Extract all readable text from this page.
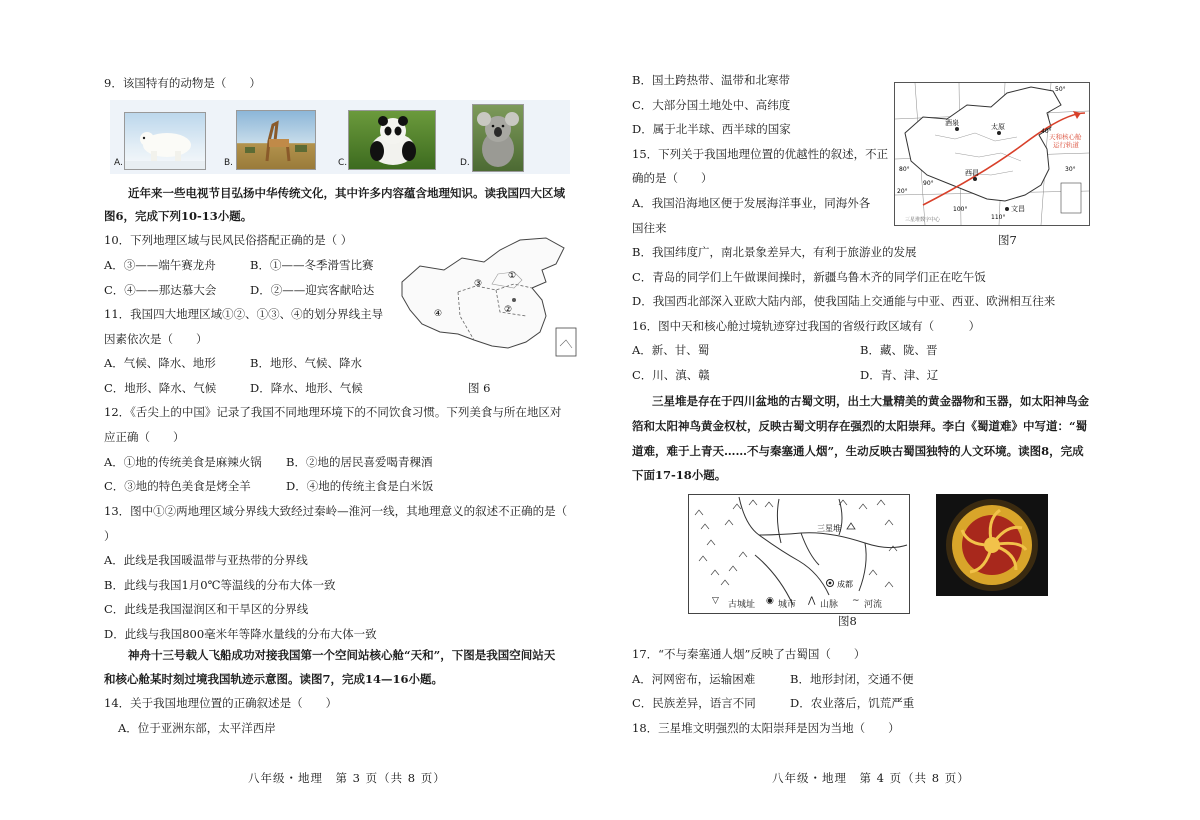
9．该国特有的动物是（　　）
A.	B.	C.	D.
近年来一些电视节目弘扬中华传统文化，其中许多内容蕴含地理知识。读我国四大区域
图6，完成下列10-13小题。
10．下列地理区域与民风民俗搭配正确的是（ ）
A．③——端午赛龙舟	B．①——冬季滑雪比赛
C．④——那达慕大会	D．②——迎宾客献哈达
11．我国四大地理区域①②、①③、④的划分界线主导
因素依次是（　　）
A．气候、降水、地形	B．地形、气候、降水
C．地形、降水、气候	D．降水、地形、气候
①
②
③
④
图 6
12．《舌尖上的中国》记录了我国不同地理环境下的不同饮食习惯。下列美食与所在地区对
应正确（　　）
A．①地的传统美食是麻辣火锅 B．②地的居民喜爱喝青稞酒
C．③地的特色美食是烤全羊	D．④地的传统主食是白米饭
13．图中①②两地理区域分界线大致经过秦岭—淮河一线，其地理意义的叙述不正确的是（
）
A．此线是我国暖温带与亚热带的分界线
B．此线与我国1月0℃等温线的分布大体一致
C．此线是我国湿润区和干旱区的分界线
D．此线与我国800毫米年等降水量线的分布大体一致
神舟十三号载人飞船成功对接我国第一个空间站核心舱“天和”，下图是我国空间站天
和核心舱某时刻过境我国轨迹示意图。读图7，完成14—16小题。
14．关于我国地理位置的正确叙述是（　　）
A．位于亚洲东部，太平洋西岸
八年级・地理　第 3 页（共 8 页）
B．国土跨热带、温带和北寒带
C．大部分国土地处中、高纬度
D．属于北半球、西半球的国家
15．下列关于我国地理位置的优越性的叙述，不正
确的是（　　）
A．我国沿海地区便于发展海洋事业，同海外各
国往来
B．我国纬度广，南北景象差异大，有利于旅游业的发展
C．青岛的同学们上午做课间操时，新疆乌鲁木齐的同学们正在吃午饭
D．我国西北部深入亚欧大陆内部，使我国陆上交通能与中亚、西亚、欧洲相互往来
酒泉	太原
西昌
文昌
天和核心舱
运行轨道
50°
40°
30°
20°
80°
90°
100°
110°
三星堆数字中心
图7
16．图中天和核心舱过境轨迹穿过我国的省级行政区域有（　　　）
A．新、甘、蜀	B．藏、陇、晋
C．川、滇、赣	D．青、津、辽
三星堆是存在于四川盆地的古蜀文明，出土大量精美的黄金器物和玉器，如太阳神鸟金
箔和太阳神鸟黄金权杖，反映古蜀文明存在强烈的太阳崇拜。李白《蜀道难》中写道：“蜀
道难，难于上青天……不与秦塞通人烟”，生动反映古蜀国独特的人文环境。读图8，完成
下面17-18小题。
三星堆
成都
▽ 古城址 ◉ 城市 ⋀ 山脉 ~ 河流
图8
17．“不与秦塞通人烟”反映了古蜀国（　　）
A．河网密布，运输困难	B．地形封闭，交通不便
C．民族差异，语言不同	D．农业落后，饥荒严重
18．三星堆文明强烈的太阳崇拜是因为当地（　　）
八年级・地理　第 4 页（共 8 页）
